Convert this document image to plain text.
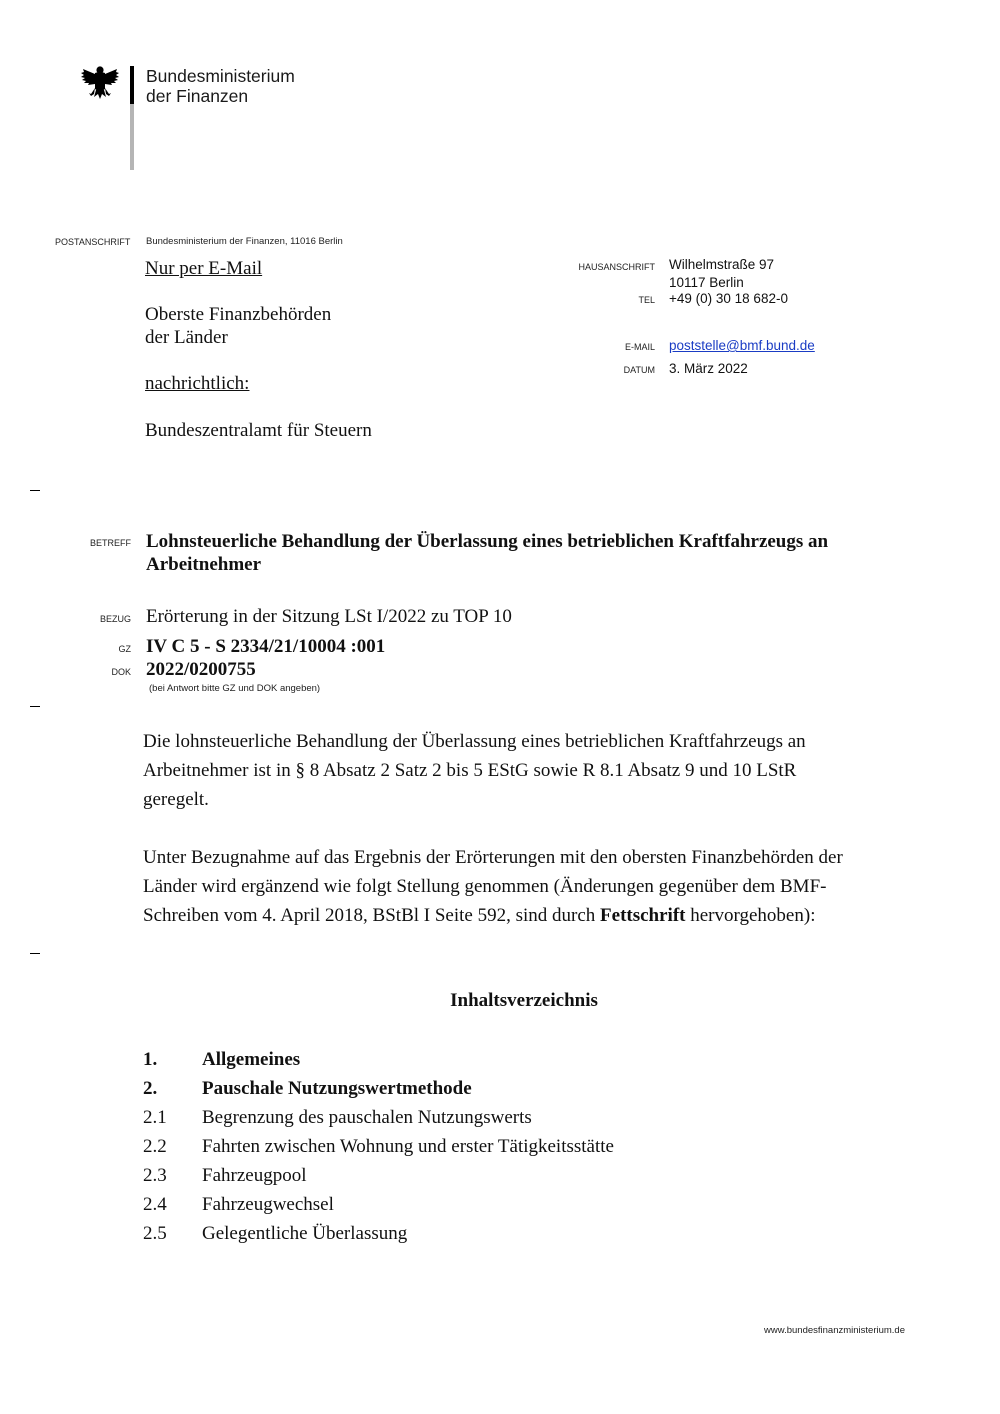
Bundesministerium
der Finanzen
POSTANSCHRIFT Bundesministerium der Finanzen, 11016 Berlin
Nur per E-Mail
Oberste Finanzbehörden
der Länder
nachrichtlich:
Bundeszentralamt für Steuern
HAUSANSCHRIFT Wilhelmstraße 97
10117 Berlin
TEL +49 (0) 30 18 682-0
E-MAIL poststelle@bmf.bund.de
DATUM 3. März 2022
BETREFF Lohnsteuerliche Behandlung der Überlassung eines betrieblichen Kraftfahrzeugs an
Arbeitnehmer
BEZUG Erörterung in der Sitzung LSt I/2022 zu TOP 10
GZ IV C 5 - S 2334/21/10004 :001
DOK 2022/0200755
(bei Antwort bitte GZ und DOK angeben)
Die lohnsteuerliche Behandlung der Überlassung eines betrieblichen Kraftfahrzeugs an
Arbeitnehmer ist in § 8 Absatz 2 Satz 2 bis 5 EStG sowie R 8.1 Absatz 9 und 10 LStR
geregelt.
Unter Bezugnahme auf das Ergebnis der Erörterungen mit den obersten Finanzbehörden der
Länder wird ergänzend wie folgt Stellung genommen (Änderungen gegenüber dem BMF-
Schreiben vom 4. April 2018, BStBl I Seite 592, sind durch Fettschrift hervorgehoben):
Inhaltsverzeichnis
1. Allgemeines
2. Pauschale Nutzungswertmethode
2.1 Begrenzung des pauschalen Nutzungswerts
2.2 Fahrten zwischen Wohnung und erster Tätigkeitsstätte
2.3 Fahrzeugpool
2.4 Fahrzeugwechsel
2.5 Gelegentliche Überlassung
www.bundesfinanzministerium.de
